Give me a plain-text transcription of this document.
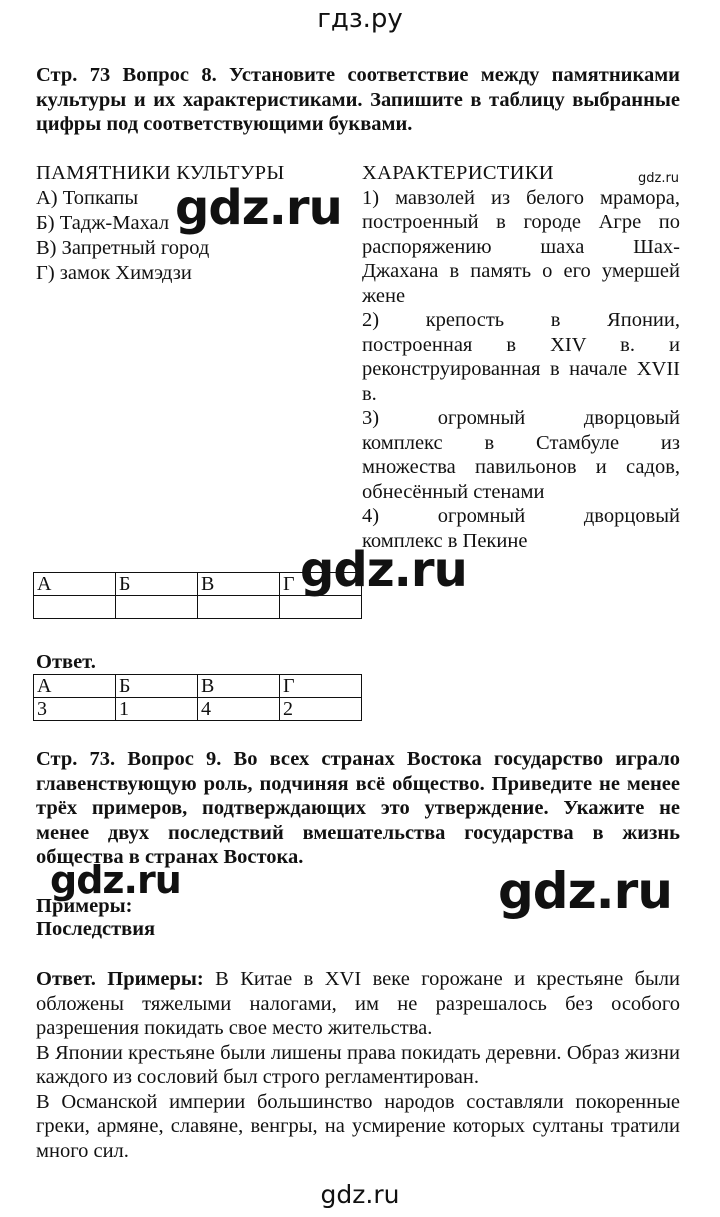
гдз.ру
Стр. 73 Вопрос 8. Установите соответствие между памятниками культуры и их характеристиками. Запишите в таблицу выбранные цифры под соответствующими буквами.
ПАМЯТНИКИ КУЛЬТУРЫ
А) Топкапы
Б) Тадж-Махал
В) Запретный город
Г) замок Химэдзи
ХАРАКТЕРИСТИКИ
1) мавзолей из белого мрамора,
построенный в городе Агре по
распоряжению шаха Шах-
Джахана в память о его умершей
жене
2) крепость в Японии,
построенная в XIV в. и
реконструированная в начале XVII
в.
3) огромный дворцовый
комплекс в Стамбуле из
множества павильонов и садов,
обнесённый стенами
4) огромный дворцовый
комплекс в Пекине
А	Б	В	Г

Ответ.
А	Б	В	Г
3	1	4	2
Стр. 73. Вопрос 9. Во всех странах Востока государство играло главенствующую роль, подчиняя всё общество. Приведите не менее трёх примеров, подтверждающих это утверждение. Укажите не менее двух последствий вмешательства государства в жизнь общества в странах Востока.
Примеры:
Последствия

Ответ. Примеры: В Китае в XVI веке горожане и крестьяне были обложены тяжелыми налогами, им не разрешалось без особого разрешения покидать свое место жительства.

В Японии крестьяне были лишены права покидать деревни. Образ жизни каждого из сословий был строго регламентирован.

В Османской империи большинство народов составляли покоренные греки, армяне, славяне, венгры, на усмирение которых султаны тратили много сил.

gdz.ru
gdz.ru
gdz.ru	gdz.ru
gdz.ru
gdz.ru
